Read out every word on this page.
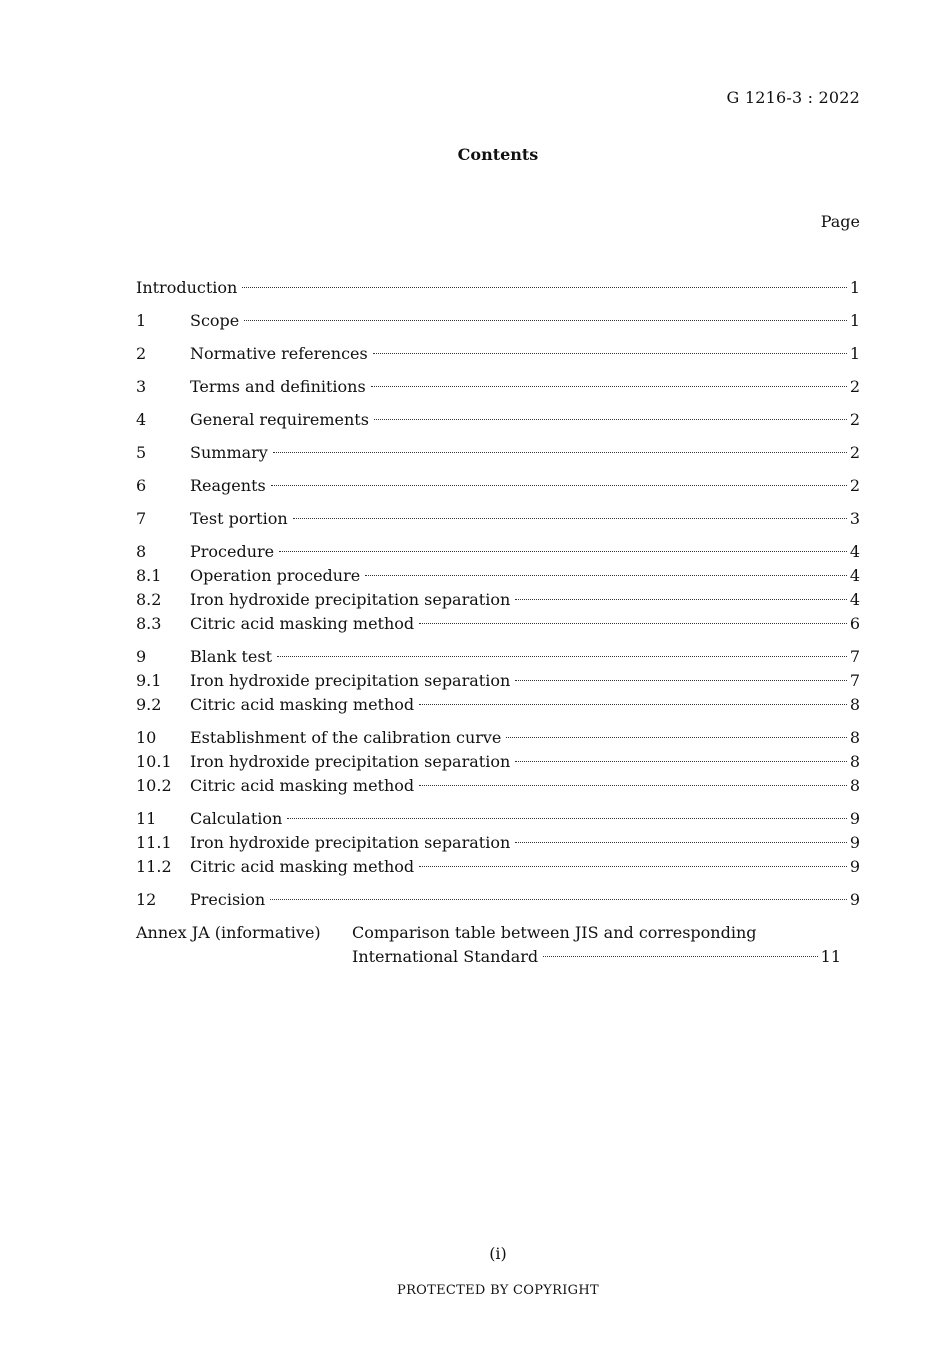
G 1216-3 : 2022
Contents
Page
Introduction	1
1	Scope	1
2	Normative references	1
3	Terms and definitions	2
4	General requirements	2
5	Summary	2
6	Reagents	2
7	Test portion	3
8	Procedure	4
8.1	Operation procedure	4
8.2	Iron hydroxide precipitation separation	4
8.3	Citric acid masking method	6
9	Blank test	7
9.1	Iron hydroxide precipitation separation	7
9.2	Citric acid masking method	8
10	Establishment of the calibration curve	8
10.1	Iron hydroxide precipitation separation	8
10.2	Citric acid masking method	8
11	Calculation	9
11.1	Iron hydroxide precipitation separation	9
11.2	Citric acid masking method	9
12	Precision	9
Annex JA (informative)	Comparison table between JIS and corresponding
International Standard	11
(i)
PROTECTED BY COPYRIGHT
